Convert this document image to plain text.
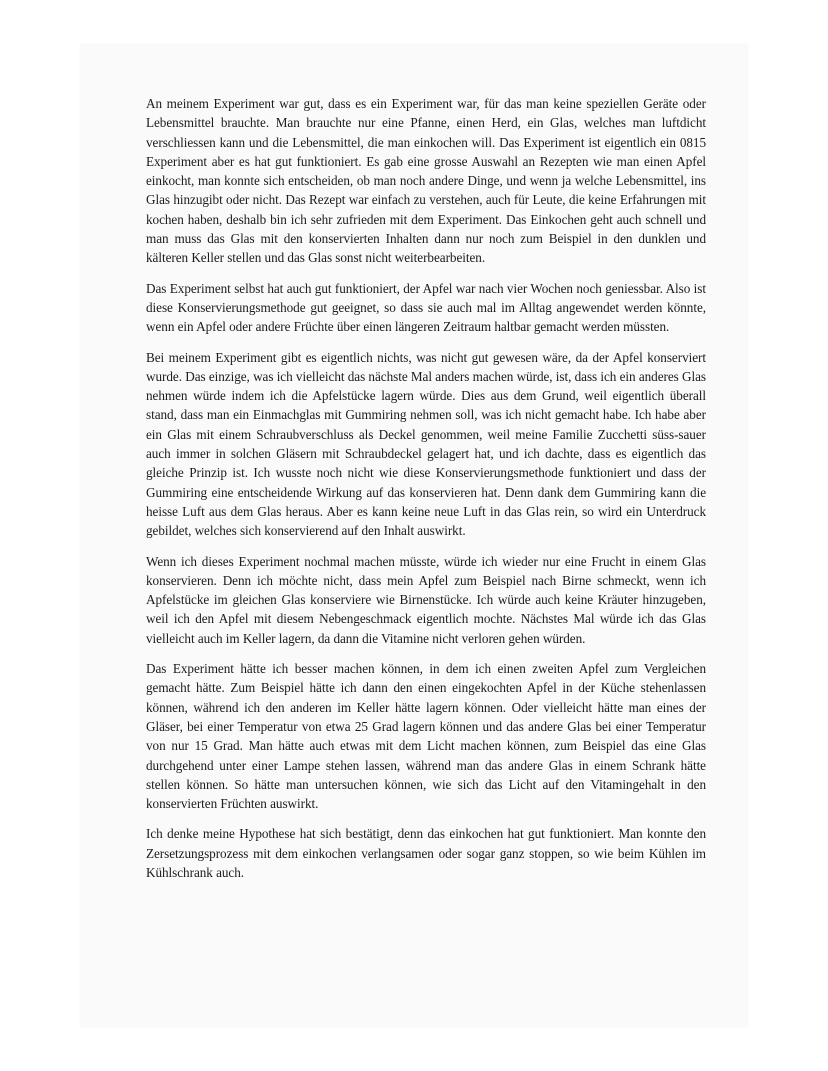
An meinem Experiment war gut, dass es ein Experiment war, für das man keine speziellen Geräte oder Lebensmittel brauchte. Man brauchte nur eine Pfanne, einen Herd, ein Glas, welches man luftdicht verschliessen kann und die Lebensmittel, die man einkochen will. Das Experiment ist eigentlich ein 0815 Experiment aber es hat gut funktioniert. Es gab eine grosse Auswahl an Rezepten wie man einen Apfel einkocht, man konnte sich entscheiden, ob man noch andere Dinge, und wenn ja welche Lebensmittel, ins Glas hinzugibt oder nicht. Das Rezept war einfach zu verstehen, auch für Leute, die keine Erfahrungen mit kochen haben, deshalb bin ich sehr zufrieden mit dem Experiment. Das Einkochen geht auch schnell und man muss das Glas mit den konservierten Inhalten dann nur noch zum Beispiel in den dunklen und kälteren Keller stellen und das Glas sonst nicht weiterbearbeiten.

Das Experiment selbst hat auch gut funktioniert, der Apfel war nach vier Wochen noch geniessbar. Also ist diese Konservierungsmethode gut geeignet, so dass sie auch mal im Alltag angewendet werden könnte, wenn ein Apfel oder andere Früchte über einen längeren Zeitraum haltbar gemacht werden müssten.

Bei meinem Experiment gibt es eigentlich nichts, was nicht gut gewesen wäre, da der Apfel konserviert wurde. Das einzige, was ich vielleicht das nächste Mal anders machen würde, ist, dass ich ein anderes Glas nehmen würde indem ich die Apfelstücke lagern würde. Dies aus dem Grund, weil eigentlich überall stand, dass man ein Einmachglas mit Gummiring nehmen soll, was ich nicht gemacht habe. Ich habe aber ein Glas mit einem Schraubverschluss als Deckel genommen, weil meine Familie Zucchetti süss-sauer auch immer in solchen Gläsern mit Schraubdeckel gelagert hat, und ich dachte, dass es eigentlich das gleiche Prinzip ist. Ich wusste noch nicht wie diese Konservierungsmethode funktioniert und dass der Gummiring eine entscheidende Wirkung auf das konservieren hat. Denn dank dem Gummiring kann die heisse Luft aus dem Glas heraus. Aber es kann keine neue Luft in das Glas rein, so wird ein Unterdruck gebildet, welches sich konservierend auf den Inhalt auswirkt.

Wenn ich dieses Experiment nochmal machen müsste, würde ich wieder nur eine Frucht in einem Glas konservieren. Denn ich möchte nicht, dass mein Apfel zum Beispiel nach Birne schmeckt, wenn ich Apfelstücke im gleichen Glas konserviere wie Birnenstücke. Ich würde auch keine Kräuter hinzugeben, weil ich den Apfel mit diesem Nebengeschmack eigentlich mochte. Nächstes Mal würde ich das Glas vielleicht auch im Keller lagern, da dann die Vitamine nicht verloren gehen würden.

Das Experiment hätte ich besser machen können, in dem ich einen zweiten Apfel zum Vergleichen gemacht hätte. Zum Beispiel hätte ich dann den einen eingekochten Apfel in der Küche stehenlassen können, während ich den anderen im Keller hätte lagern können. Oder vielleicht hätte man eines der Gläser, bei einer Temperatur von etwa 25 Grad lagern können und das andere Glas bei einer Temperatur von nur 15 Grad. Man hätte auch etwas mit dem Licht machen können, zum Beispiel das eine Glas durchgehend unter einer Lampe stehen lassen, während man das andere Glas in einem Schrank hätte stellen können. So hätte man untersuchen können, wie sich das Licht auf den Vitamingehalt in den konservierten Früchten auswirkt.

Ich denke meine Hypothese hat sich bestätigt, denn das einkochen hat gut funktioniert. Man konnte den Zersetzungsprozess mit dem einkochen verlangsamen oder sogar ganz stoppen, so wie beim Kühlen im Kühlschrank auch.
